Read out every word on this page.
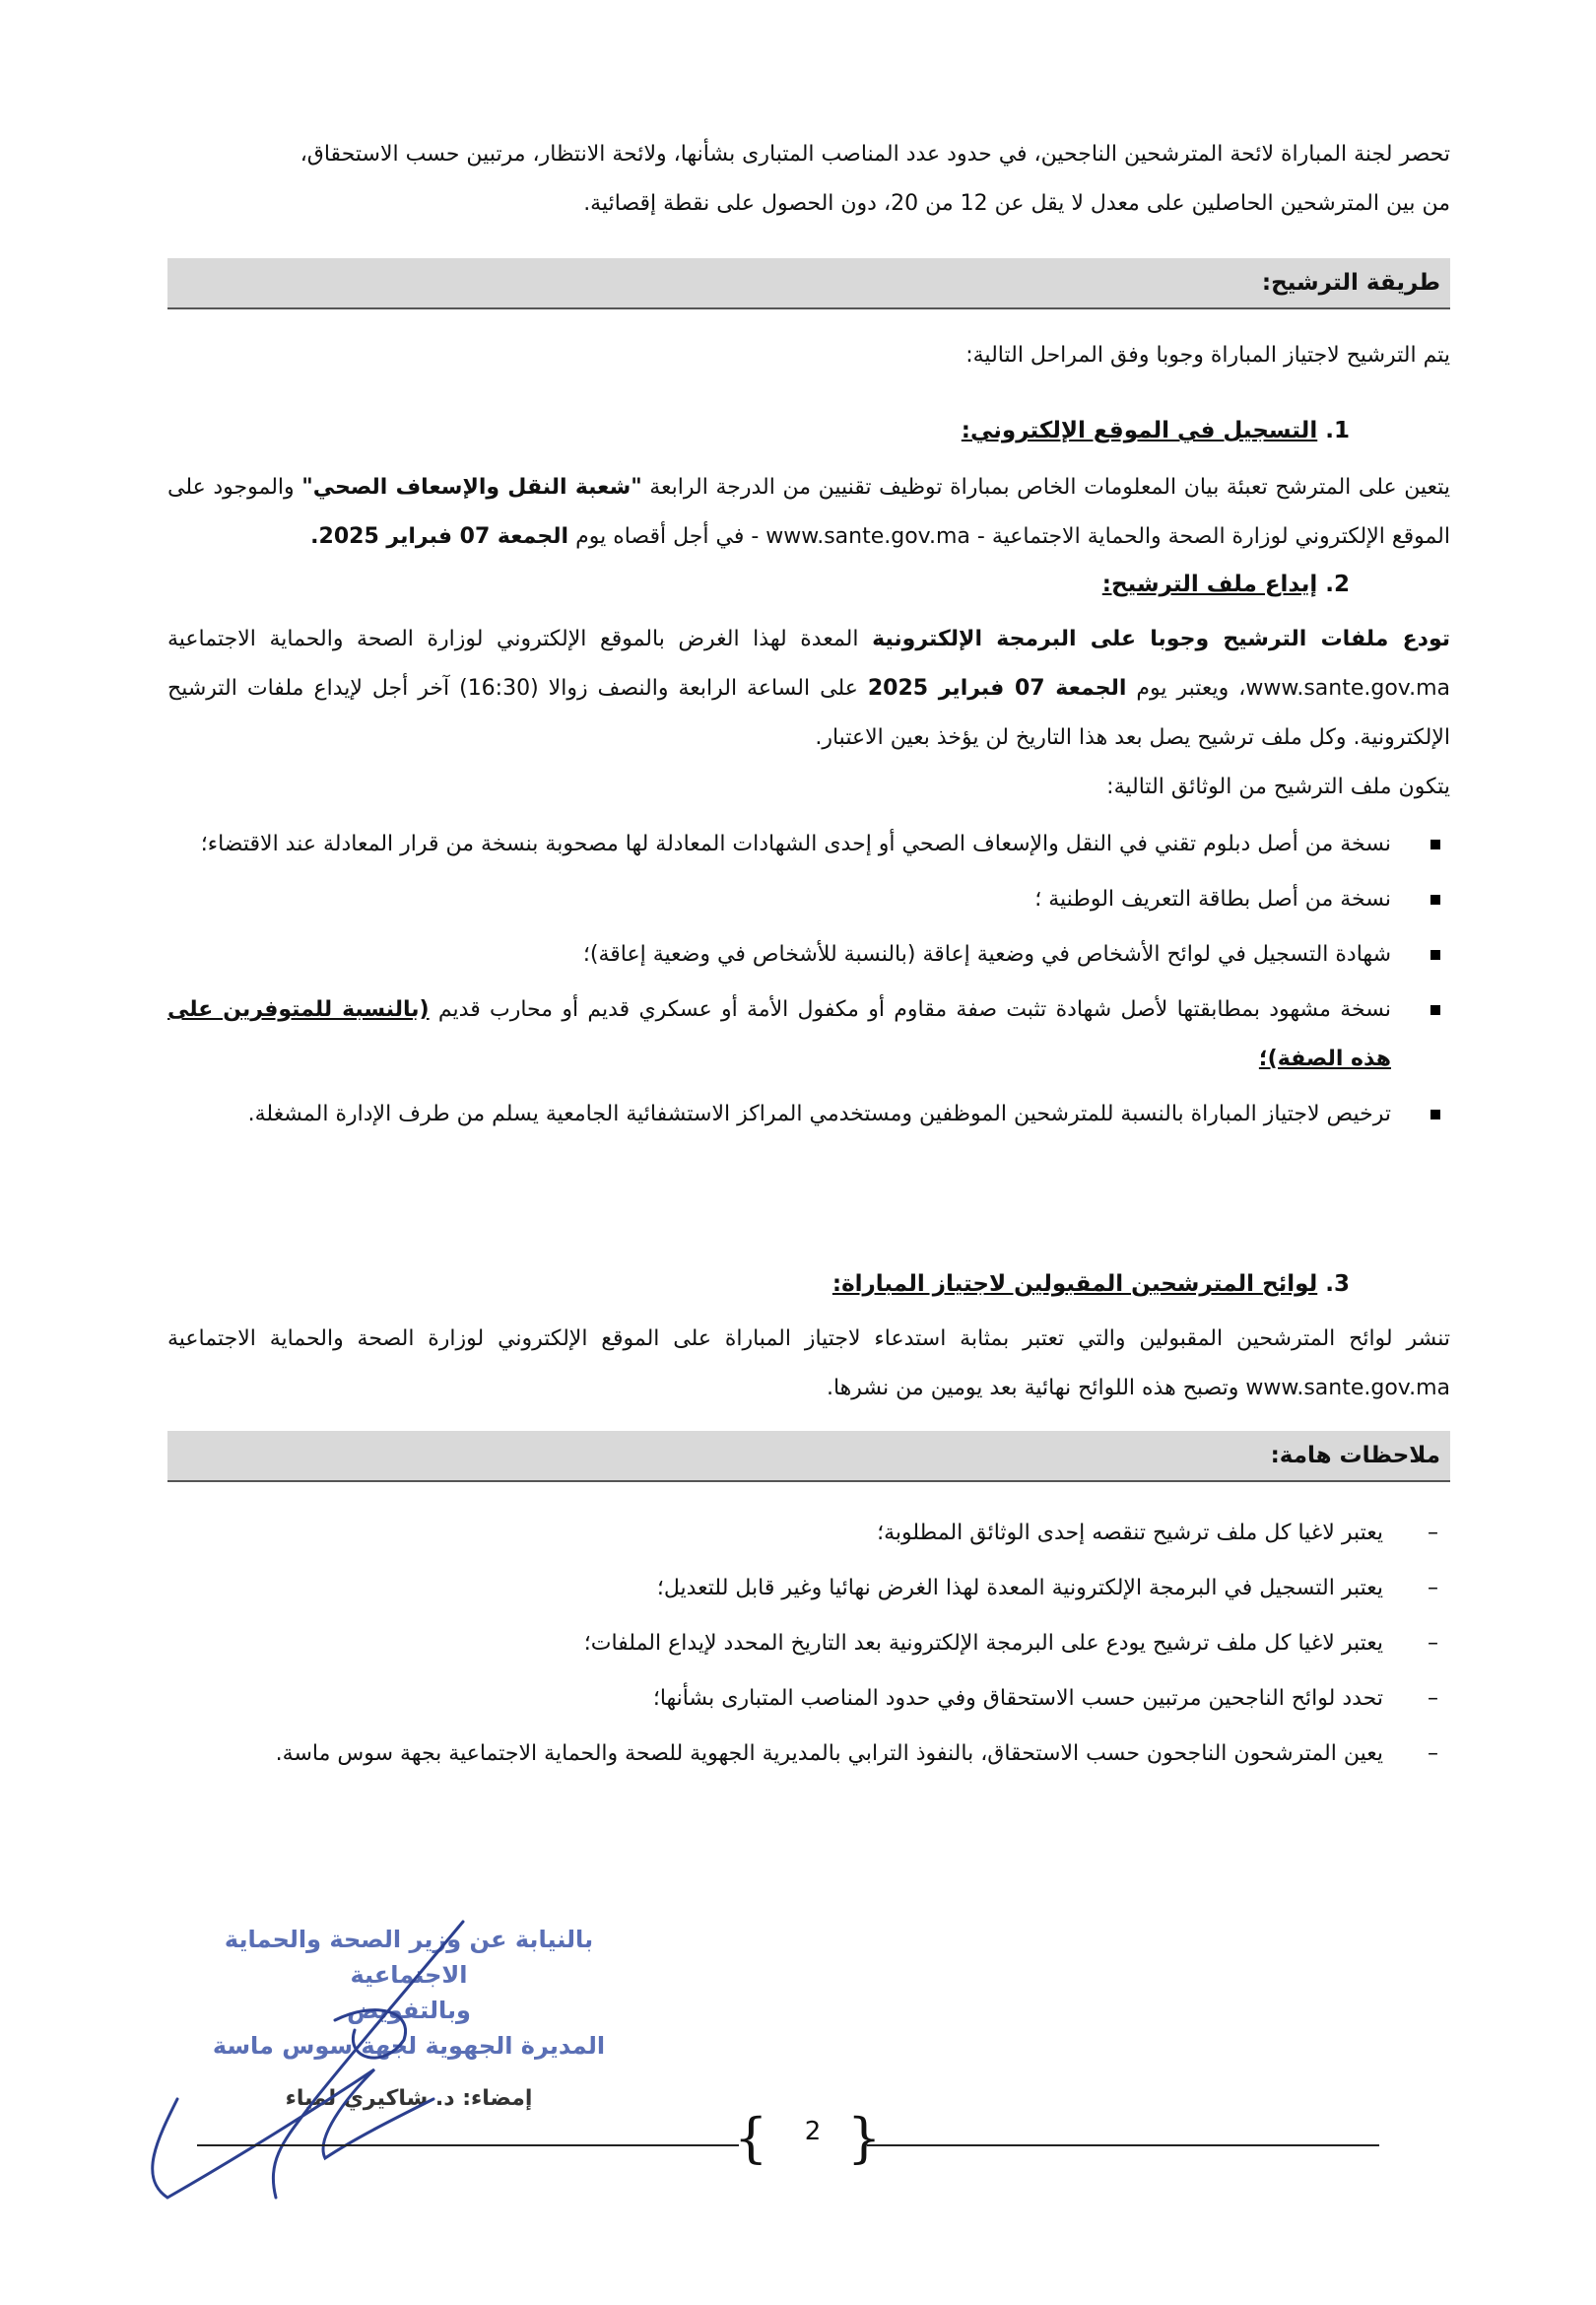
تحصر لجنة المباراة لائحة المترشحين الناجحين، في حدود عدد المناصب المتبارى بشأنها، ولائحة الانتظار، مرتبين حسب الاستحقاق،

من بين المترشحين الحاصلين على معدل لا يقل عن 12 من 20، دون الحصول على نقطة إقصائية.

طريقة الترشيح:

يتم الترشيح لاجتياز المباراة وجوبا وفق المراحل التالية:

1. التسجيل في الموقع الإلكتروني:

يتعين على المترشح تعبئة بيان المعلومات الخاص بمباراة توظيف تقنيين من الدرجة الرابعة "شعبة النقل والإسعاف الصحي" والموجود على الموقع الإلكتروني لوزارة الصحة والحماية الاجتماعية - www.sante.gov.ma - في أجل أقصاه يوم الجمعة 07 فبراير 2025.

2. إيداع ملف الترشيح:

تودع ملفات الترشيح وجوبا على البرمجة الإلكترونية المعدة لهذا الغرض بالموقع الإلكتروني لوزارة الصحة والحماية الاجتماعية www.sante.gov.ma، ويعتبر يوم الجمعة 07 فبراير 2025 على الساعة الرابعة والنصف زوالا (16:30) آخر أجل لإيداع ملفات الترشيح الإلكترونية. وكل ملف ترشيح يصل بعد هذا التاريخ لن يؤخذ بعين الاعتبار.

يتكون ملف الترشيح من الوثائق التالية:

نسخة من أصل دبلوم تقني في النقل والإسعاف الصحي أو إحدى الشهادات المعادلة لها مصحوبة بنسخة من قرار المعادلة عند الاقتضاء؛
نسخة من أصل بطاقة التعريف الوطنية ؛
شهادة التسجيل في لوائح الأشخاص في وضعية إعاقة (بالنسبة للأشخاص في وضعية إعاقة)؛
نسخة مشهود بمطابقتها لأصل شهادة تثبت صفة مقاوم أو مكفول الأمة أو عسكري قديم أو محارب قديم (بالنسبة للمتوفرين على هذه الصفة)؛
ترخيص لاجتياز المباراة بالنسبة للمترشحين الموظفين ومستخدمي المراكز الاستشفائية الجامعية يسلم من طرف الإدارة المشغلة.
3. لوائح المترشحين المقبولين لاجتياز المباراة:

تنشر لوائح المترشحين المقبولين والتي تعتبر بمثابة استدعاء لاجتياز المباراة على الموقع الإلكتروني لوزارة الصحة والحماية الاجتماعية www.sante.gov.ma وتصبح هذه اللوائح نهائية بعد يومين من نشرها.

ملاحظات هامة:
–
يعتبر لاغيا كل ملف ترشيح تنقصه إحدى الوثائق المطلوبة؛
–
يعتبر التسجيل في البرمجة الإلكترونية المعدة لهذا الغرض نهائيا وغير قابل للتعديل؛
–
يعتبر لاغيا كل ملف ترشيح يودع على البرمجة الإلكترونية بعد التاريخ المحدد لإيداع الملفات؛
–
تحدد لوائح الناجحين مرتبين حسب الاستحقاق وفي حدود المناصب المتبارى بشأنها؛
–
يعين المترشحون الناجحون حسب الاستحقاق، بالنفوذ الترابي بالمديرية الجهوية للصحة والحماية الاجتماعية بجهة سوس ماسة.
بالنيابة عن وزير الصحة والحماية الاجتماعية
وبالتفويض
المديرة الجهوية لجهة سوس ماسة
إمضاء: د. شاكيري لمياء
{ }
2
